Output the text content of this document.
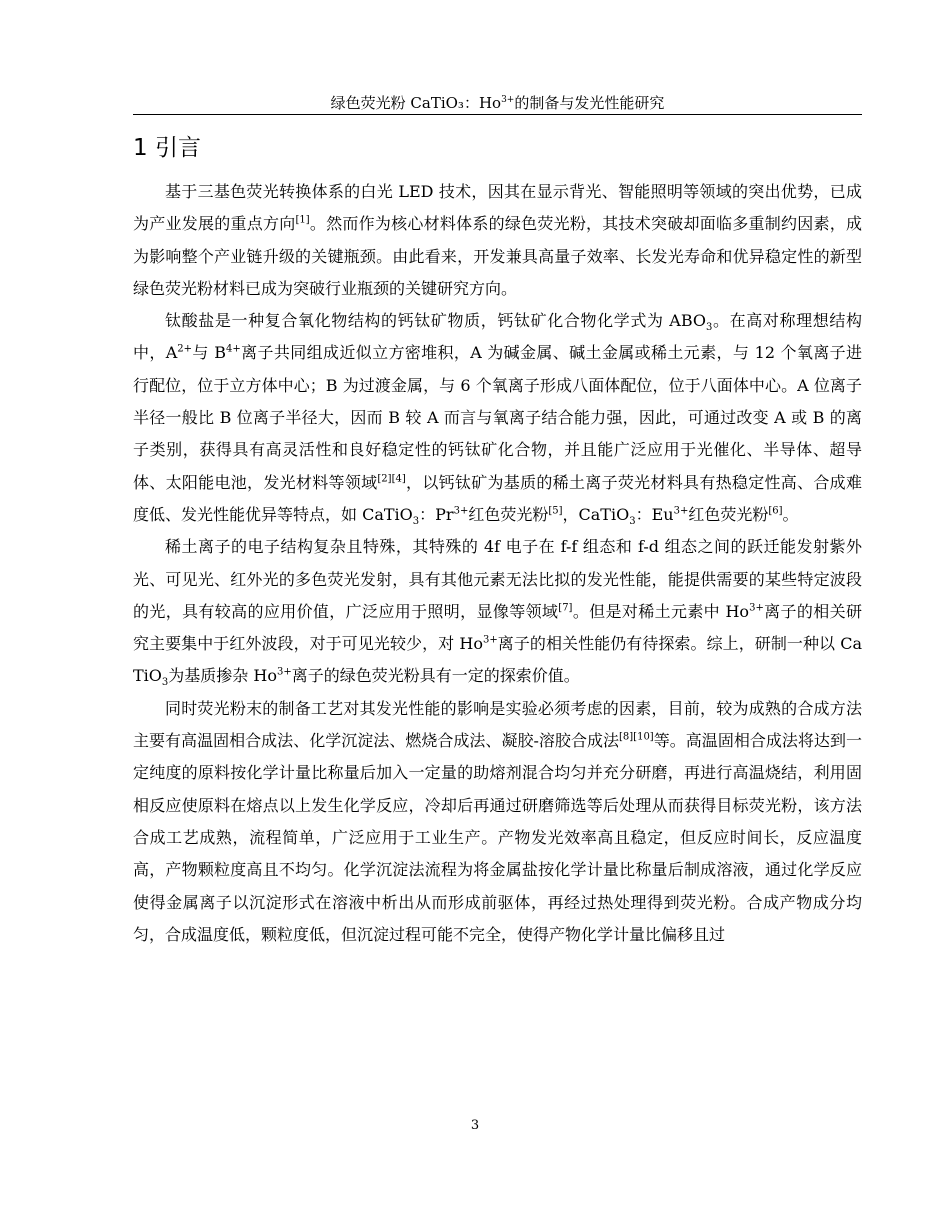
绿色荧光粉 CaTiO₃：$Ho^{3+}$的制备与发光性能研究
1 引言

基于三基色荧光转换体系的白光 LED 技术，因其在显示背光、智能照明等领域的突出优势，已成为产业发展的重点方向[1]。然而作为核心材料体系的绿色荧光粉，其技术突破却面临多重制约因素，成为影响整个产业链升级的关键瓶颈。由此看来，开发兼具高量子效率、长发光寿命和优异稳定性的新型绿色荧光粉材料已成为突破行业瓶颈的关键研究方向。

钛酸盐是一种复合氧化物结构的钙钛矿物质，钙钛矿化合物化学式为 $ABO_3$。在高对称理想结构中，$A^{2+}$与 $B^{4+}$离子共同组成近似立方密堆积，A 为碱金属、碱土金属或稀土元素，与 12 个氧离子进行配位，位于立方体中心；B 为过渡金属，与 6 个氧离子形成八面体配位，位于八面体中心。A 位离子半径一般比 B 位离子半径大，因而 B 较 A 而言与氧离子结合能力强，因此，可通过改变 A 或 B 的离子类别，获得具有高灵活性和良好稳定性的钙钛矿化合物，并且能广泛应用于光催化、半导体、超导体、太阳能电池，发光材料等领域[2][4]，以钙钛矿为基质的稀土离子荧光材料具有热稳定性高、合成难度低、发光性能优异等特点，如 CaTiO$_3$：$Pr^{3+}$红色荧光粉[5]，CaTiO$_3$：$Eu^{3+}$红色荧光粉[6]。

稀土离子的电子结构复杂且特殊，其特殊的 4f 电子在 f-f 组态和 f-d 组态之间的跃迁能发射紫外光、可见光、红外光的多色荧光发射，具有其他元素无法比拟的发光性能，能提供需要的某些特定波段的光，具有较高的应用价值，广泛应用于照明，显像等领域[7]。但是对稀土元素中 $Ho^{3+}$离子的相关研究主要集中于红外波段，对于可见光较少，对 $Ho^{3+}$离子的相关性能仍有待探索。综上，研制一种以 CaTiO$_3$为基质掺杂 $Ho^{3+}$离子的绿色荧光粉具有一定的探索价值。

同时荧光粉末的制备工艺对其发光性能的影响是实验必须考虑的因素，目前，较为成熟的合成方法主要有高温固相合成法、化学沉淀法、燃烧合成法、凝胶-溶胶合成法[8][10]等。高温固相合成法将达到一定纯度的原料按化学计量比称量后加入一定量的助熔剂混合均匀并充分研磨，再进行高温烧结，利用固相反应使原料在熔点以上发生化学反应，冷却后再通过研磨筛选等后处理从而获得目标荧光粉，该方法合成工艺成熟，流程简单，广泛应用于工业生产。产物发光效率高且稳定，但反应时间长，反应温度高，产物颗粒度高且不均匀。化学沉淀法流程为将金属盐按化学计量比称量后制成溶液，通过化学反应使得金属离子以沉淀形式在溶液中析出从而形成前驱体，再经过热处理得到荧光粉。合成产物成分均匀，合成温度低，颗粒度低，但沉淀过程可能不完全，使得产物化学计量比偏移且过

3
